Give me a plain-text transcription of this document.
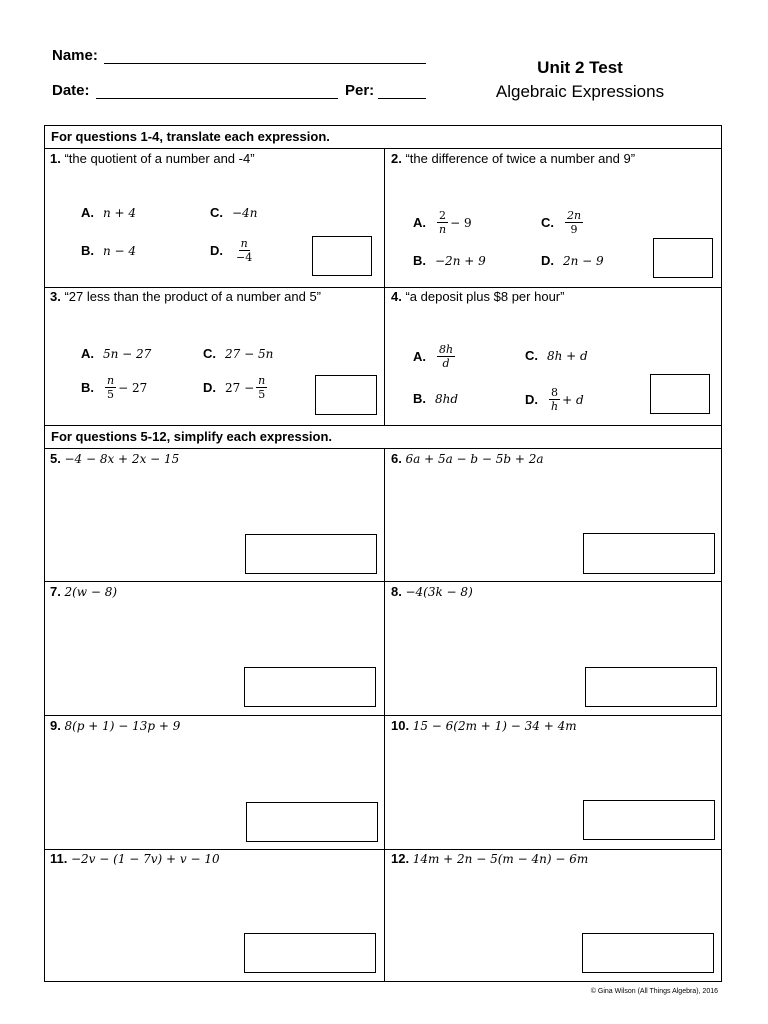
Name:
Date:	Per:
Unit 2 Test
Algebraic Expressions
For questions 1-4, translate each expression.
For questions 5-12, simplify each expression.
1. “the quotient of a number and -4”
A. n + 4	C. −4n
B. n − 4	D. $\frac{n}{-4}$
2. “the difference of twice a number and 9”
A. $\frac{2}{n} - 9$	C. $\frac{2n}{9}$
B. −2n + 9	D. 2n − 9
3. “27 less than the product of a number and 5”
A. 5n − 27	C. 27 − 5n
B. $\frac{n}{5} - 27$	D. $27 - \frac{n}{5}$
4. “a deposit plus $8 per hour”
A. $\frac{8h}{d}$	C. 8h + d
B. 8hd	D. $\frac{8}{h} + d$
5. −4 − 8x + 2x − 15	6. 6a + 5a − b − 5b + 2a
7. 2(w − 8)	8. −4(3k − 8)
9. 8(p + 1) − 13p + 9	10. 15 − 6(2m + 1) − 34 + 4m
11. −2v − (1 − 7v) + v − 10	12. 14m + 2n − 5(m − 4n) − 6m
© Gina Wilson (All Things Algebra), 2016
